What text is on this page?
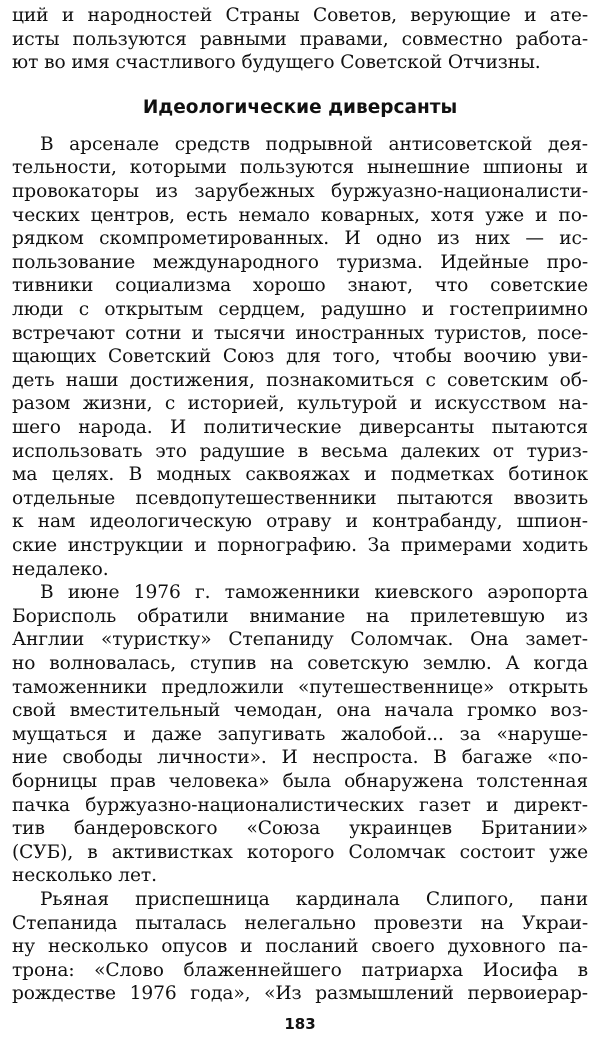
ций и народностей Страны Советов, верующие и ате-
исты пользуются равными правами, совместно работа-
ют во имя счастливого будущего Советской Отчизны.
Идеологические диверсанты
В арсенале средств подрывной антисоветской дея-
тельности, которыми пользуются нынешние шпионы и
провокаторы из зарубежных буржуазно-националисти-
ческих центров, есть немало коварных, хотя уже и по-
рядком скомпрометированных. И одно из них — ис-
пользование международного туризма. Идейные про-
тивники социализма хорошо знают, что советские
люди с открытым сердцем, радушно и гостеприимно
встречают сотни и тысячи иностранных туристов, посе-
щающих Советский Союз для того, чтобы воочию уви-
деть наши достижения, познакомиться с советским об-
разом жизни, с историей, культурой и искусством на-
шего народа. И политические диверсанты пытаются
использовать это радушие в весьма далеких от туриз-
ма целях. В модных саквояжах и подметках ботинок
отдельные псевдопутешественники пытаются ввозить
к нам идеологическую отраву и контрабанду, шпион-
ские инструкции и порнографию. За примерами ходить
недалеко.
В июне 1976 г. таможенники киевского аэропорта
Борисполь обратили внимание на прилетевшую из
Англии «туристку» Степаниду Соломчак. Она замет-
но волновалась, ступив на советскую землю. А когда
таможенники предложили «путешественнице» открыть
свой вместительный чемодан, она начала громко воз-
мущаться и даже запугивать жалобой... за «наруше-
ние свободы личности». И неспроста. В багаже «по-
борницы прав человека» была обнаружена толстенная
пачка буржуазно-националистических газет и директ-
тив бандеровского «Союза украинцев Британии»
(СУБ), в активистках которого Соломчак состоит уже
несколько лет.
Рьяная приспешница кардинала Слипого, пани
Степанида пыталась нелегально провезти на Украи-
ну несколько опусов и посланий своего духовного па-
трона: «Слово блаженнейшего патриарха Иосифа в
рождестве 1976 года», «Из размышлений первоиерар-
183
